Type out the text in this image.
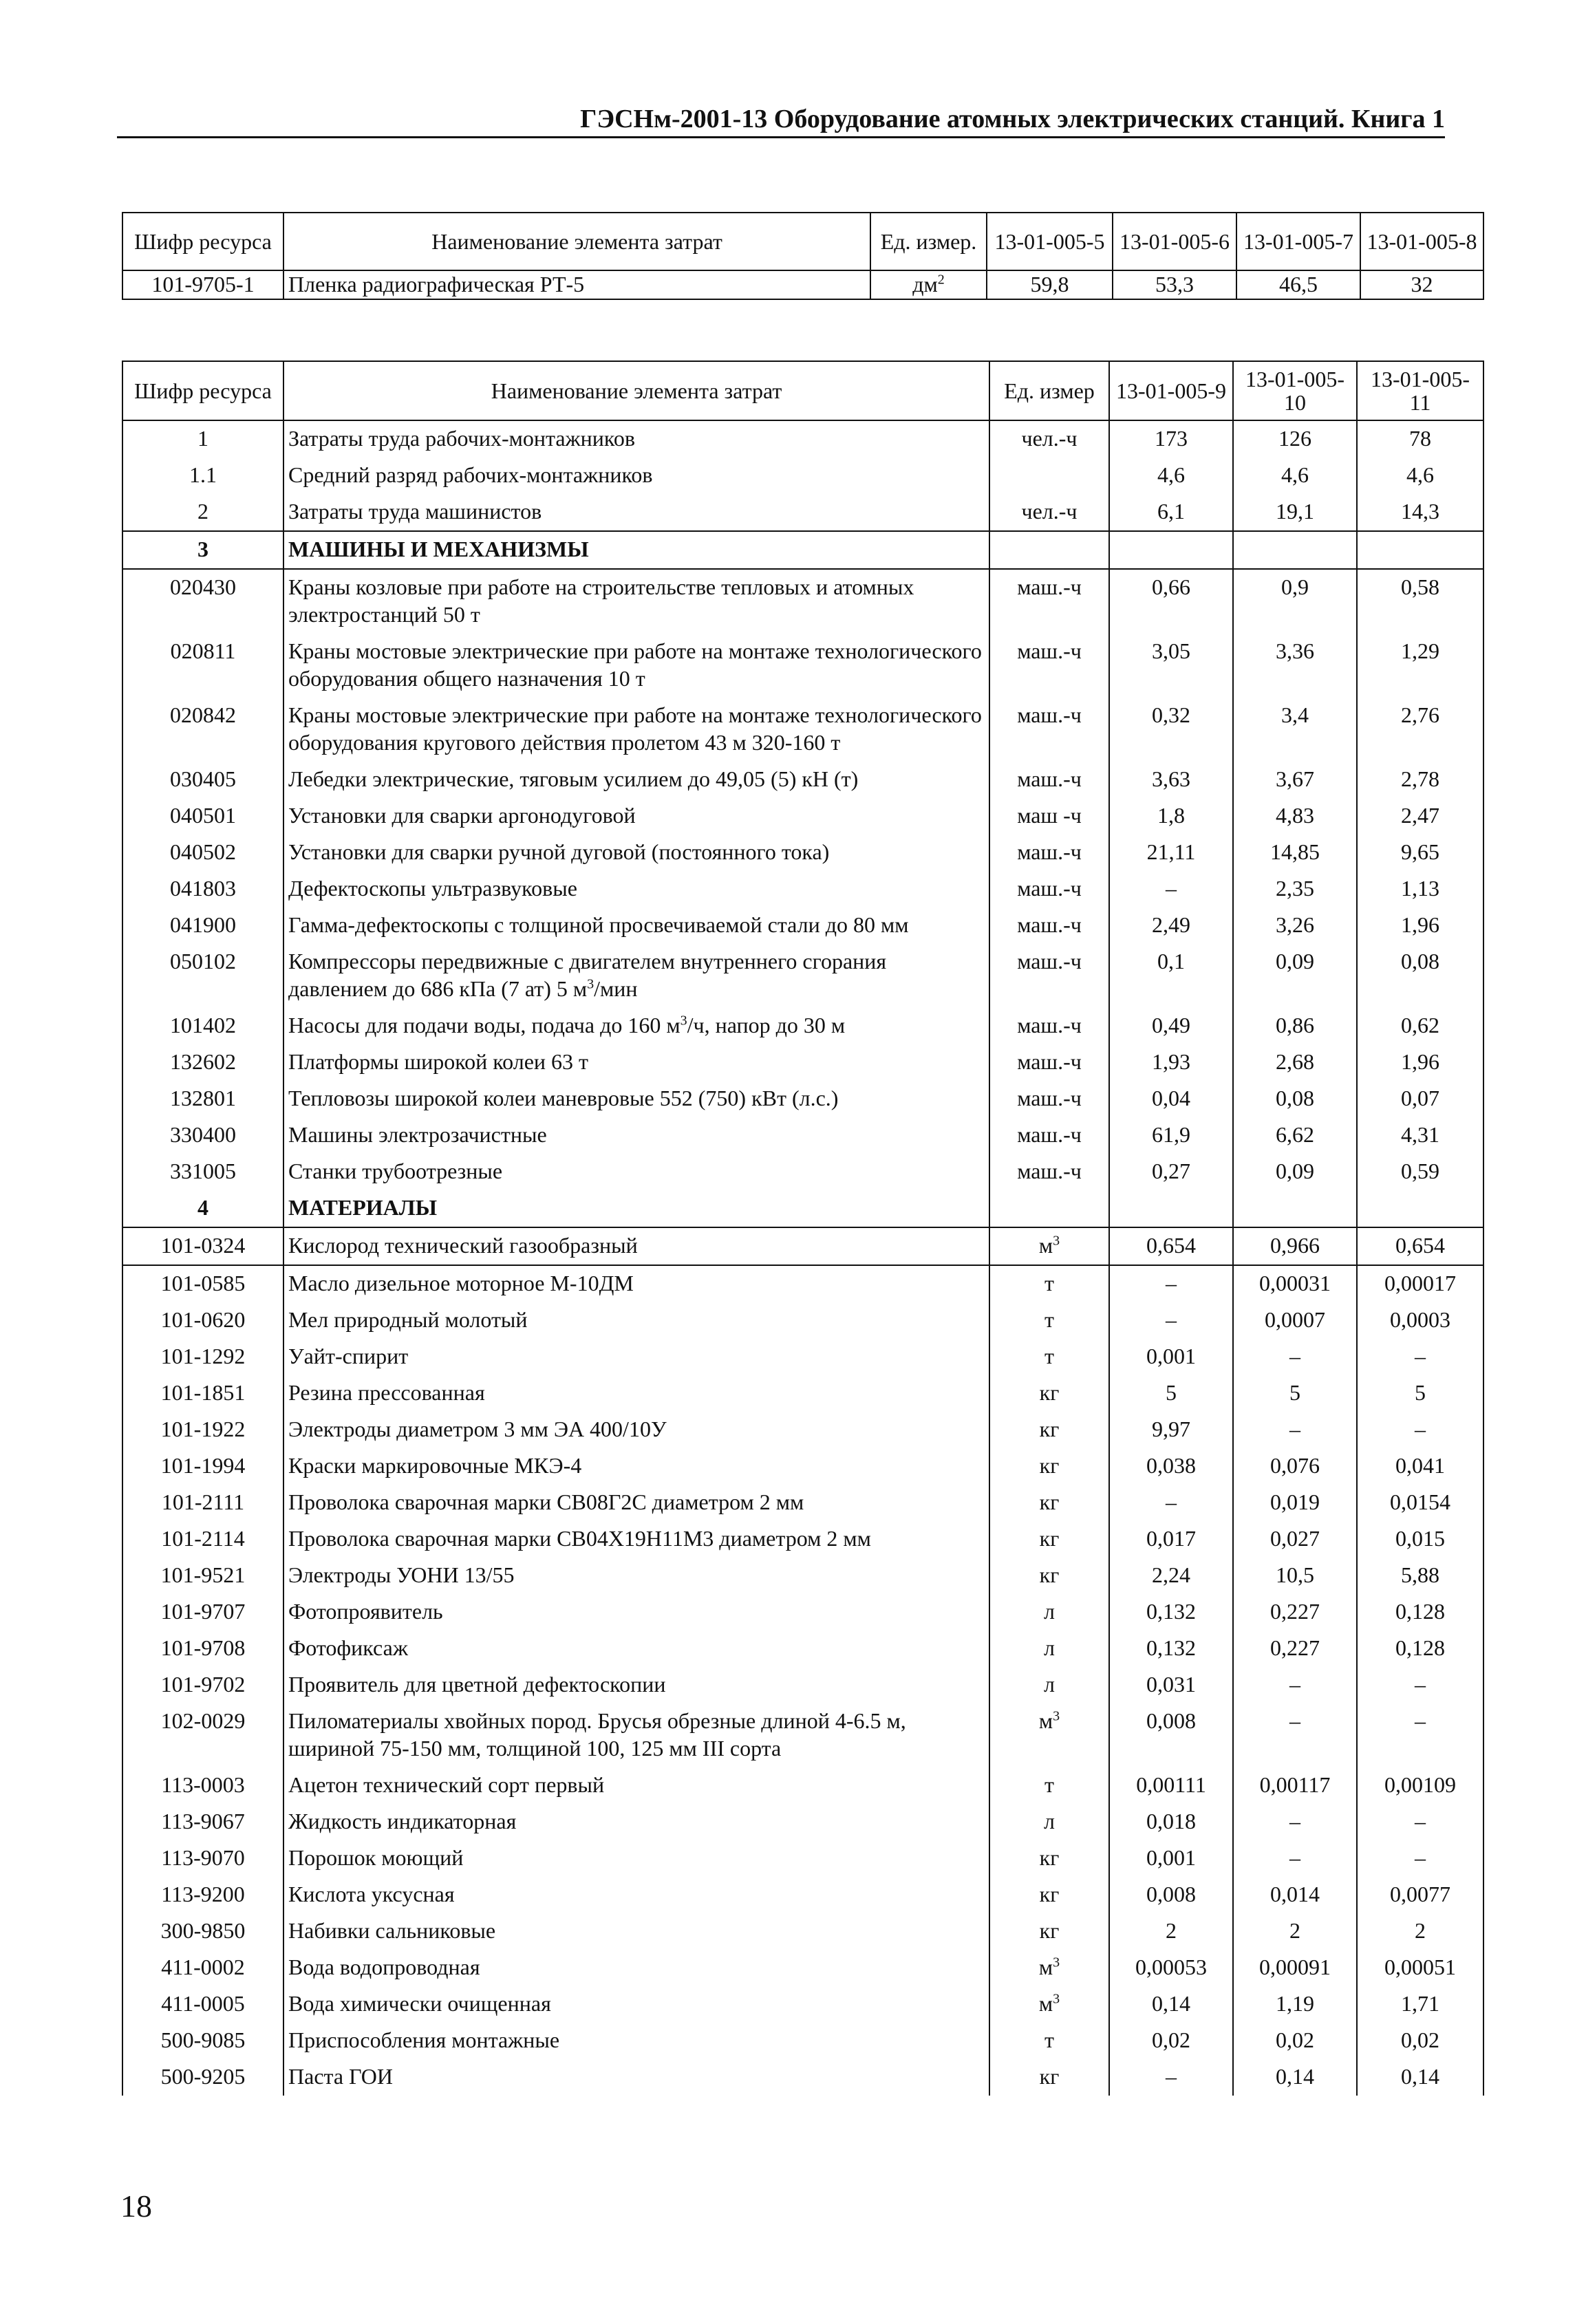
ГЭСНм-2001-13 Оборудование атомных электрических станций. Книга 1
Шифр ресурса	Наименование элемента затрат	Ед. измер.	13-01-005-5	13-01-005-6	13-01-005-7	13-01-005-8
101-9705-1	Пленка радиографическая РТ-5	$дм^2$	59,8	53,3	46,5	32
Шифр ресурса	Наименование элемента затрат	Ед. измер	13-01-005-9	13-01-005-10	13-01-005-11
1	Затраты труда рабочих-монтажников	чел.-ч	173	126	78
1.1	Средний разряд рабочих-монтажников		4,6	4,6	4,6
2	Затраты труда машинистов	чел.-ч	6,1	19,1	14,3
3	МАШИНЫ И МЕХАНИЗМЫ				
020430	Краны козловые при работе на строительстве тепловых и атомных электростанций 50 т	маш.-ч	0,66	0,9	0,58
020811	Краны мостовые электрические при работе на монтаже технологического оборудования общего назначения 10 т	маш.-ч	3,05	3,36	1,29
020842	Краны мостовые электрические при работе на монтаже технологического оборудования кругового действия пролетом 43 м 320-160 т	маш.-ч	0,32	3,4	2,76
030405	Лебедки электрические, тяговым усилием до 49,05 (5) кН (т)	маш.-ч	3,63	3,67	2,78
040501	Установки для сварки аргонодуговой	маш -ч	1,8	4,83	2,47
040502	Установки для сварки ручной дуговой (постоянного тока)	маш.-ч	21,11	14,85	9,65
041803	Дефектоскопы ультразвуковые	маш.-ч	–	2,35	1,13
041900	Гамма-дефектоскопы с толщиной просвечиваемой стали до 80 мм	маш.-ч	2,49	3,26	1,96
050102	Компрессоры передвижные с двигателем внутреннего сгорания давлением до 686 кПа (7 ат) 5 $м^3$/мин	маш.-ч	0,1	0,09	0,08
101402	Насосы для подачи воды, подача до 160 $м^3/ч$, напор до 30 м	маш.-ч	0,49	0,86	0,62
132602	Платформы широкой колеи 63 т	маш.-ч	1,93	2,68	1,96
132801	Тепловозы широкой колеи маневровые 552 (750) кВт (л.с.)	маш.-ч	0,04	0,08	0,07
330400	Машины электрозачистные	маш.-ч	61,9	6,62	4,31
331005	Станки трубоотрезные	маш.-ч	0,27	0,09	0,59
4	МАТЕРИАЛЫ				
101-0324	Кислород технический газообразный	$м^3$	0,654	0,966	0,654
101-0585	Масло дизельное моторное М-10ДМ	т	–	0,00031	0,00017
101-0620	Мел природный молотый	т	–	0,0007	0,0003
101-1292	Уайт-спирит	т	0,001	–	–
101-1851	Резина прессованная	кг	5	5	5
101-1922	Электроды диаметром 3 мм ЭА 400/10У	кг	9,97	–	–
101-1994	Краски маркировочные МКЭ-4	кг	0,038	0,076	0,041
101-2111	Проволока сварочная марки СВ08Г2С диаметром 2 мм	кг	–	0,019	0,0154
101-2114	Проволока сварочная марки СВ04Х19Н11М3 диаметром 2 мм	кг	0,017	0,027	0,015
101-9521	Электроды УОНИ 13/55	кг	2,24	10,5	5,88
101-9707	Фотопроявитель	л	0,132	0,227	0,128
101-9708	Фотофиксаж	л	0,132	0,227	0,128
101-9702	Проявитель для цветной дефектоскопии	л	0,031	–	–
102-0029	Пиломатериалы хвойных пород. Брусья обрезные длиной 4-6.5 м, шириной 75-150 мм, толщиной 100, 125 мм III сорта	$м^3$	0,008	–	–
113-0003	Ацетон технический сорт первый	т	0,00111	0,00117	0,00109
113-9067	Жидкость индикаторная	л	0,018	–	–
113-9070	Порошок моющий	кг	0,001	–	–
113-9200	Кислота уксусная	кг	0,008	0,014	0,0077
300-9850	Набивки сальниковые	кг	2	2	2
411-0002	Вода водопроводная	$м^3$	0,00053	0,00091	0,00051
411-0005	Вода химически очищенная	$м^3$	0,14	1,19	1,71
500-9085	Приспособления монтажные	т	0,02	0,02	0,02
500-9205	Паста ГОИ	кг	–	0,14	0,14
18
